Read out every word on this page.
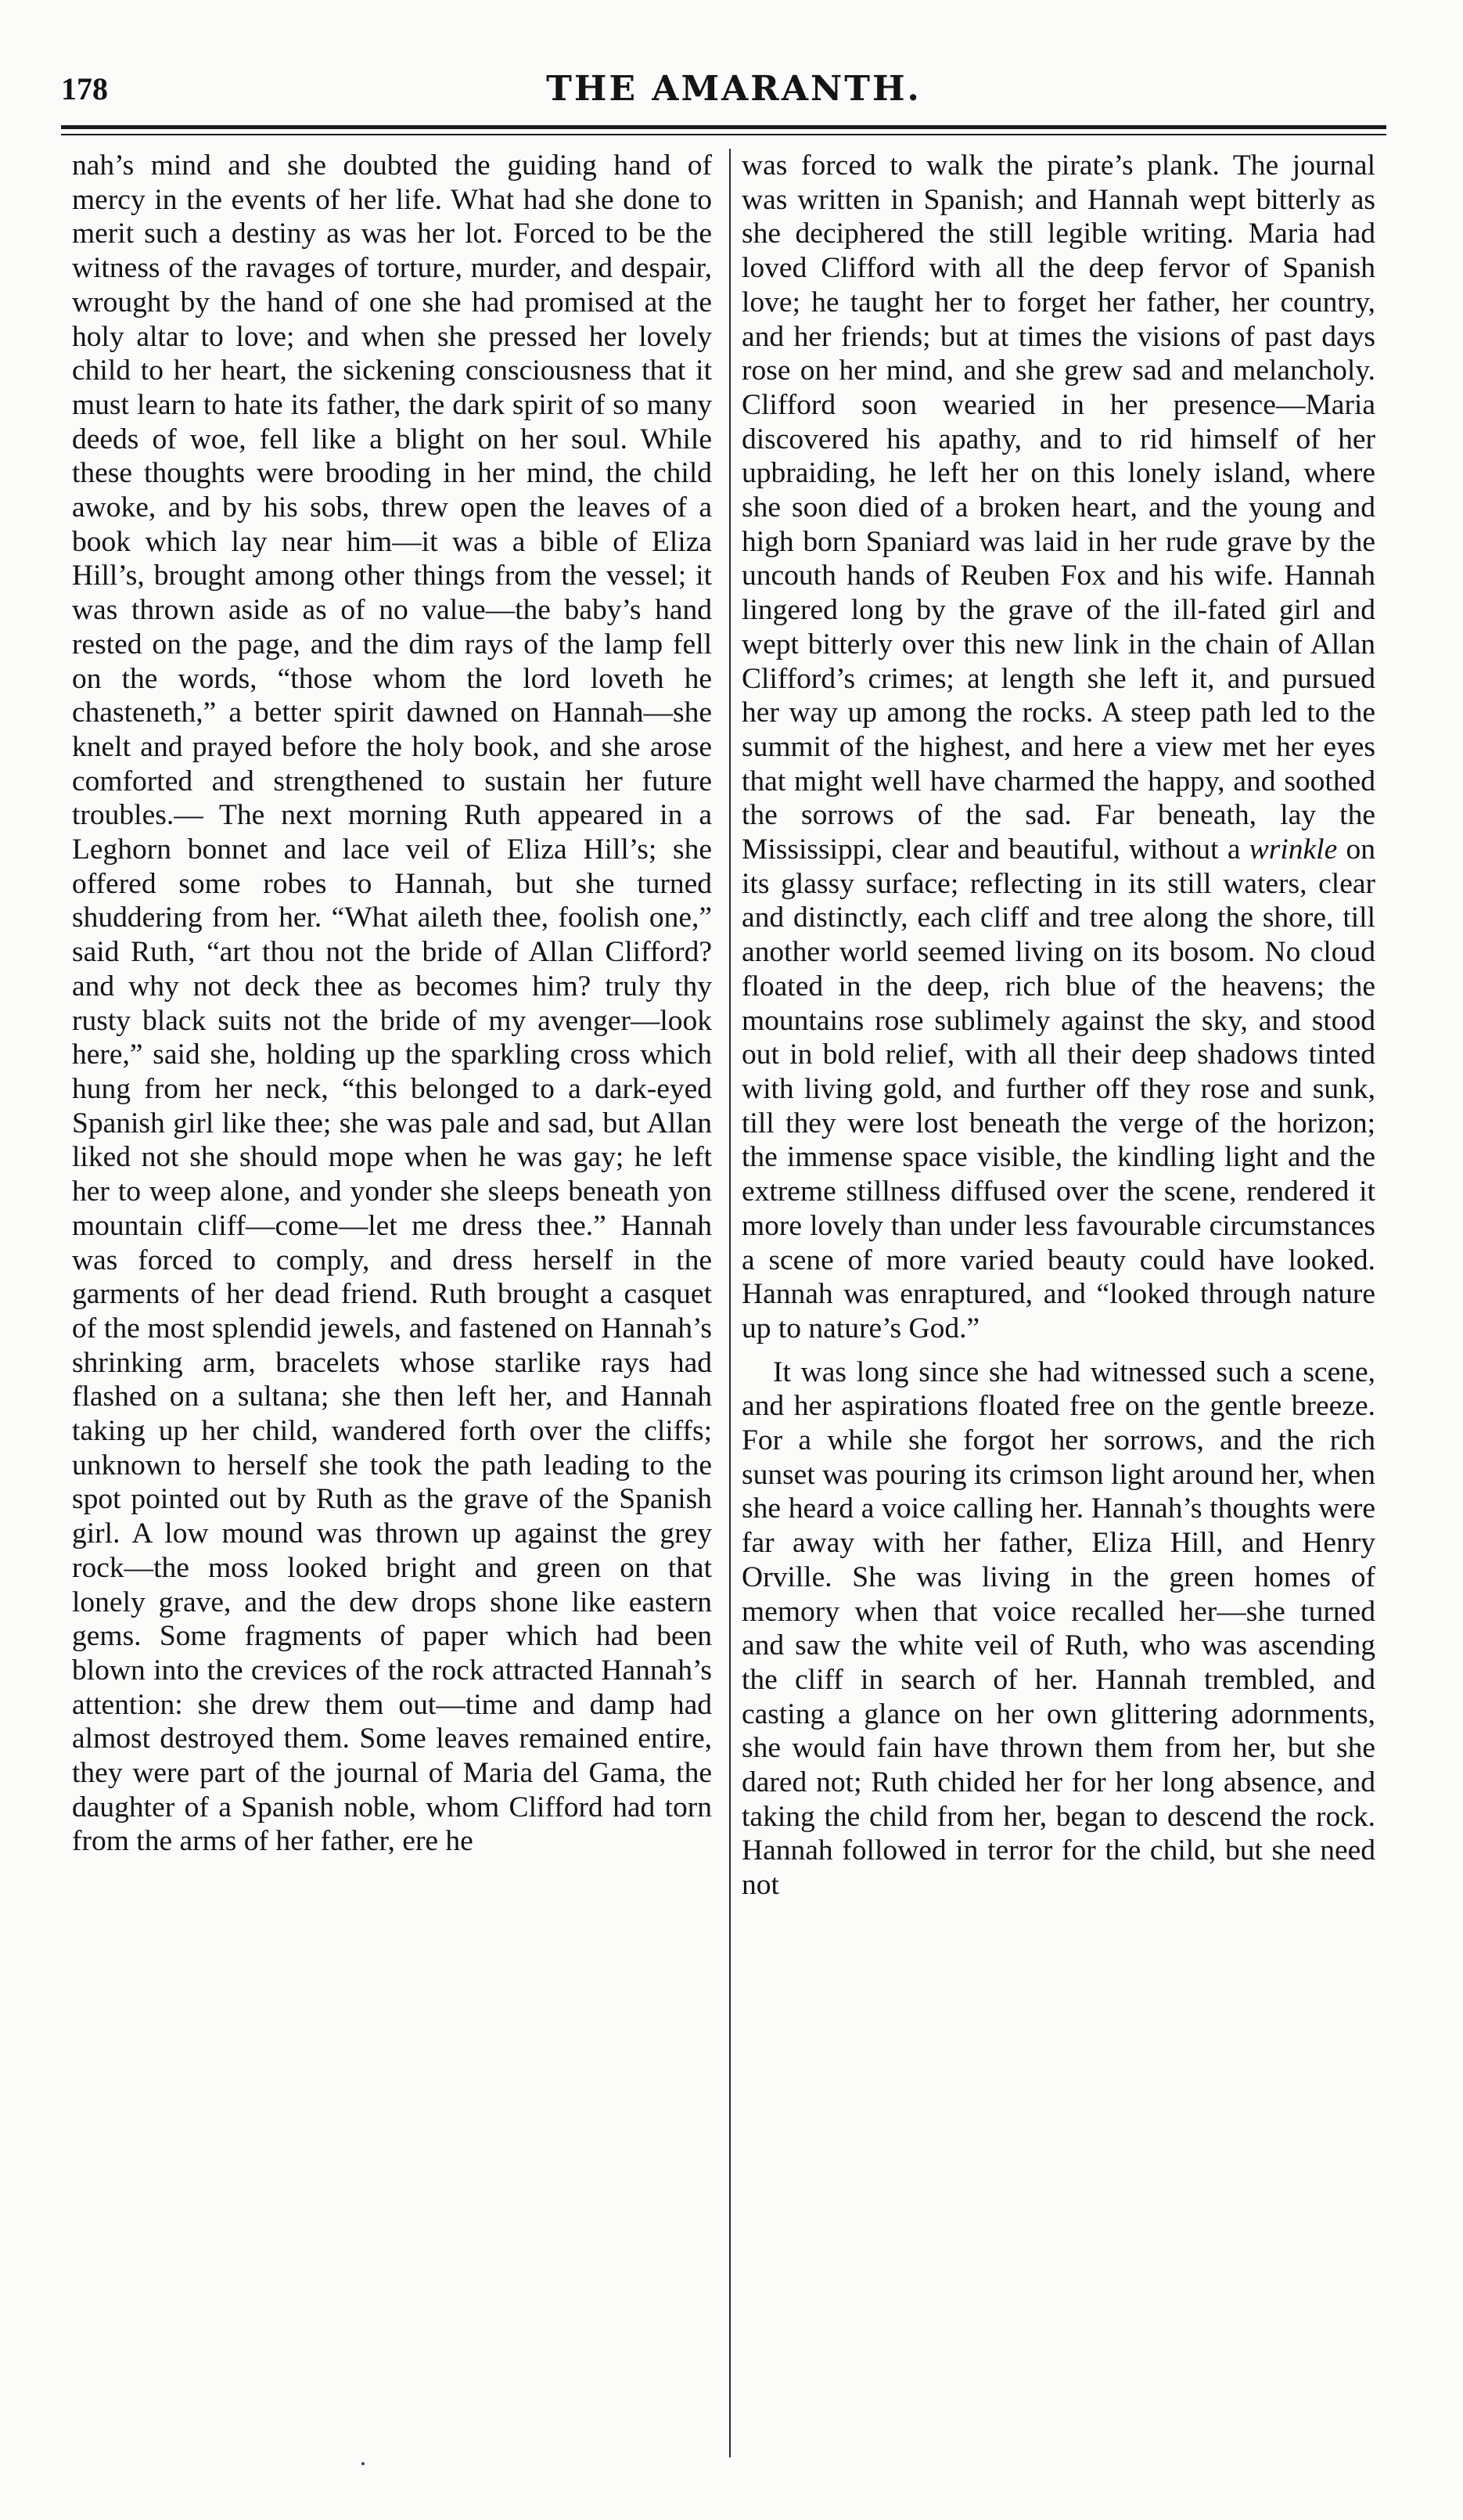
178	THE AMARANTH.

nah’s mind and she doubted the guiding hand of mercy in the events of her life. What had she done to merit such a destiny as was her lot. Forced to be the witness of the ravages of torture, murder, and despair, wrought by the hand of one she had promised at the holy altar to love; and when she pressed her lovely child to her heart, the sickening consciousness that it must learn to hate its father, the dark spirit of so many deeds of woe, fell like a blight on her soul. While these thoughts were brooding in her mind, the child awoke, and by his sobs, threw open the leaves of a book which lay near him—it was a bible of Eliza Hill’s, brought among other things from the vessel; it was thrown aside as of no value—the baby’s hand rested on the page, and the dim rays of the lamp fell on the words, “those whom the lord loveth he chasteneth,” a better spirit dawned on Hannah—she knelt and prayed before the holy book, and she arose comforted and strengthened to sustain her future troubles.— The next morning Ruth appeared in a Leghorn bonnet and lace veil of Eliza Hill’s; she offered some robes to Hannah, but she turned shuddering from her. “What aileth thee, foolish one,” said Ruth, “art thou not the bride of Allan Clifford? and why not deck thee as becomes him? truly thy rusty black suits not the bride of my avenger—look here,” said she, holding up the sparkling cross which hung from her neck, “this belonged to a dark-eyed Spanish girl like thee; she was pale and sad, but Allan liked not she should mope when he was gay; he left her to weep alone, and yonder she sleeps beneath yon mountain cliff—come—let me dress thee.” Hannah was forced to comply, and dress herself in the garments of her dead friend. Ruth brought a casquet of the most splendid jewels, and fastened on Hannah’s shrinking arm, bracelets whose starlike rays had flashed on a sultana; she then left her, and Hannah taking up her child, wandered forth over the cliffs; unknown to herself she took the path leading to the spot pointed out by Ruth as the grave of the Spanish girl. A low mound was thrown up against the grey rock—the moss looked bright and green on that lonely grave, and the dew drops shone like eastern gems. Some fragments of paper which had been blown into the crevices of the rock attracted Hannah’s attention: she drew them out—time and damp had almost destroyed them. Some leaves remained entire, they were part of the journal of Maria del Gama, the daughter of a Spanish noble, whom Clifford had torn from the arms of her father, ere he

was forced to walk the pirate’s plank. The journal was written in Spanish; and Hannah wept bitterly as she deciphered the still legible writing. Maria had loved Clifford with all the deep fervor of Spanish love; he taught her to forget her father, her country, and her friends; but at times the visions of past days rose on her mind, and she grew sad and melancholy. Clifford soon wearied in her presence—Maria discovered his apathy, and to rid himself of her upbraiding, he left her on this lonely island, where she soon died of a broken heart, and the young and high born Spaniard was laid in her rude grave by the uncouth hands of Reuben Fox and his wife. Hannah lingered long by the grave of the ill-fated girl and wept bitterly over this new link in the chain of Allan Clifford’s crimes; at length she left it, and pursued her way up among the rocks. A steep path led to the summit of the highest, and here a view met her eyes that might well have charmed the happy, and soothed the sorrows of the sad. Far beneath, lay the Mississippi, clear and beautiful, without a wrinkle on its glassy surface; reflecting in its still waters, clear and distinctly, each cliff and tree along the shore, till another world seemed living on its bosom. No cloud floated in the deep, rich blue of the heavens; the mountains rose sublimely against the sky, and stood out in bold relief, with all their deep shadows tinted with living gold, and further off they rose and sunk, till they were lost beneath the verge of the horizon; the immense space visible, the kindling light and the extreme stillness diffused over the scene, rendered it more lovely than under less favourable circumstances a scene of more varied beauty could have looked. Hannah was enraptured, and “looked through nature up to nature’s God.”

It was long since she had witnessed such a scene, and her aspirations floated free on the gentle breeze. For a while she forgot her sorrows, and the rich sunset was pouring its crimson light around her, when she heard a voice calling her. Hannah’s thoughts were far away with her father, Eliza Hill, and Henry Orville. She was living in the green homes of memory when that voice recalled her—she turned and saw the white veil of Ruth, who was ascending the cliff in search of her. Hannah trembled, and casting a glance on her own glittering adornments, she would fain have thrown them from her, but she dared not; Ruth chided her for her long absence, and taking the child from her, began to descend the rock. Hannah followed in terror for the child, but she need not
